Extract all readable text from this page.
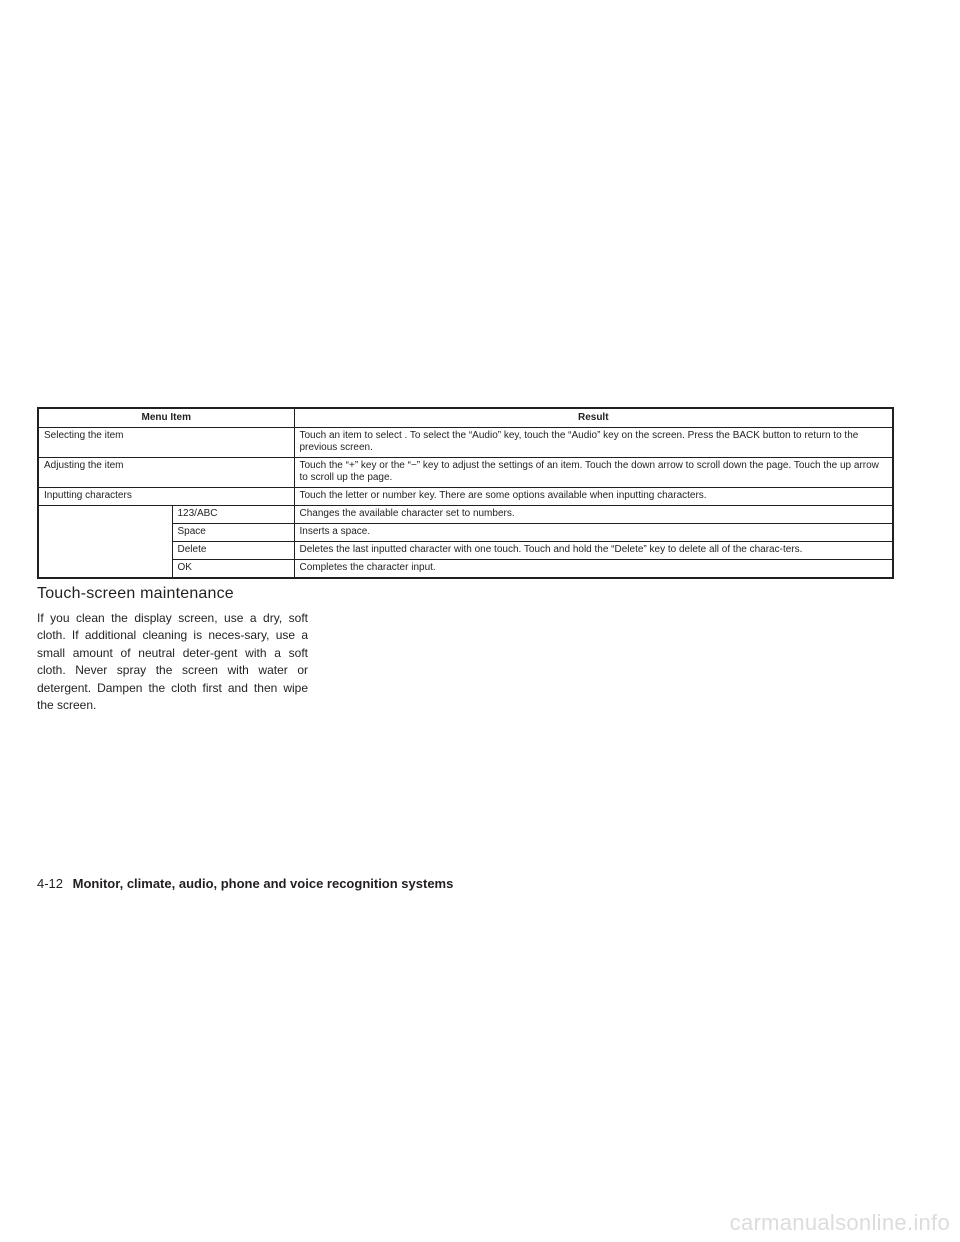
Menu Item		Result
Selecting the item		Touch an item to select . To select the “Audio” key, touch the “Audio” key on the screen. Press the BACK button to return to the previous screen.
Adjusting the item		Touch the “+” key or the “−” key to adjust the settings of an item. Touch the down arrow to scroll down the page. Touch the up arrow to scroll up the page.
Inputting characters		Touch the letter or number key. There are some options available when inputting characters.
	123/ABC	Changes the available character set to numbers.
	Space	Inserts a space.
	Delete	Deletes the last inputted character with one touch. Touch and hold the “Delete” key to delete all of the charac-ters.
	OK	Completes the character input.
Touch-screen maintenance

If you clean the display screen, use a dry, soft cloth. If additional cleaning is neces-sary, use a small amount of neutral deter-gent with a soft cloth. Never spray the screen with water or detergent. Dampen the cloth first and then wipe the screen.

4-12 Monitor, climate, audio, phone and voice recognition systems
carmanualsonline.info
